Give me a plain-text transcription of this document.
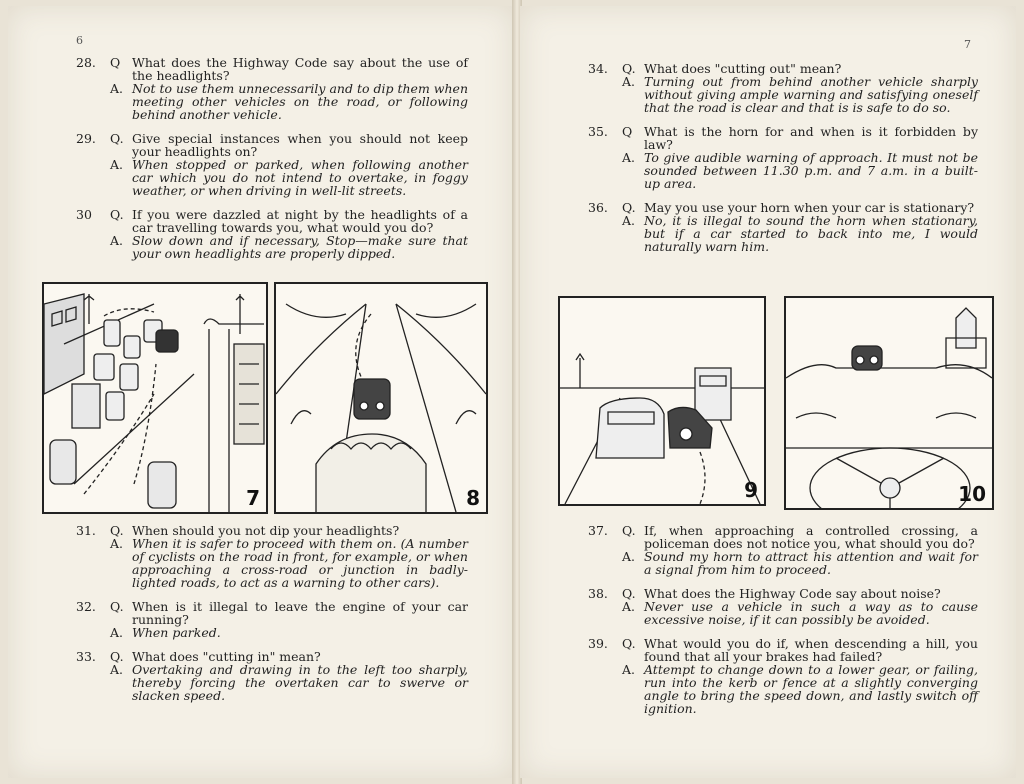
6
28.	Q What does the Highway Code say about the use of the headlights?
A. Not to use them unnecessarily and to dip them when meeting other vehicles on the road, or following behind another vehicle.
29.	Q. Give special instances when you should not keep your headlights on?
A. When stopped or parked, when following another car which you do not intend to overtake, in foggy weather, or when driving in well-lit streets.
30	Q. If you were dazzled at night by the headlights of a car travelling towards you, what would you do?
A. Slow down and if necessary, Stop—make sure that your own headlights are properly dipped.
7	8
31.	Q. When should you not dip your headlights?
A. When it is safer to proceed with them on. (A number of cyclists on the road in front, for example, or when approaching a cross-road or junction in badly-lighted roads, to act as a warning to other cars).
32.	Q. When is it illegal to leave the engine of your car running?
A. When parked.
33.	Q. What does "cutting in" mean?
A. Overtaking and drawing in to the left too sharply, thereby forcing the overtaken car to swerve or slacken speed.
7
34.	Q. What does "cutting out" mean?
A. Turning out from behind another vehicle sharply without giving ample warning and satisfying oneself that the road is clear and that is is safe to do so.
35.	Q What is the horn for and when is it forbidden by law?
A. To give audible warning of approach. It must not be sounded between 11.30 p.m. and 7 a.m. in a built-up area.
36.	Q. May you use your horn when your car is stationary?
A. No, it is illegal to sound the horn when stationary, but if a car started to back into me, I would naturally warn him.
9	10
37.	Q. If, when approaching a controlled crossing, a policeman does not notice you, what should you do?
A. Sound my horn to attract his attention and wait for a signal from him to proceed.
38.	Q. What does the Highway Code say about noise?
A. Never use a vehicle in such a way as to cause excessive noise, if it can possibly be avoided.
39.	Q. What would you do if, when descending a hill, you found that all your brakes had failed?
A. Attempt to change down to a lower gear, or failing, run into the kerb or fence at a slightly converging angle to bring the speed down, and lastly switch off ignition.
